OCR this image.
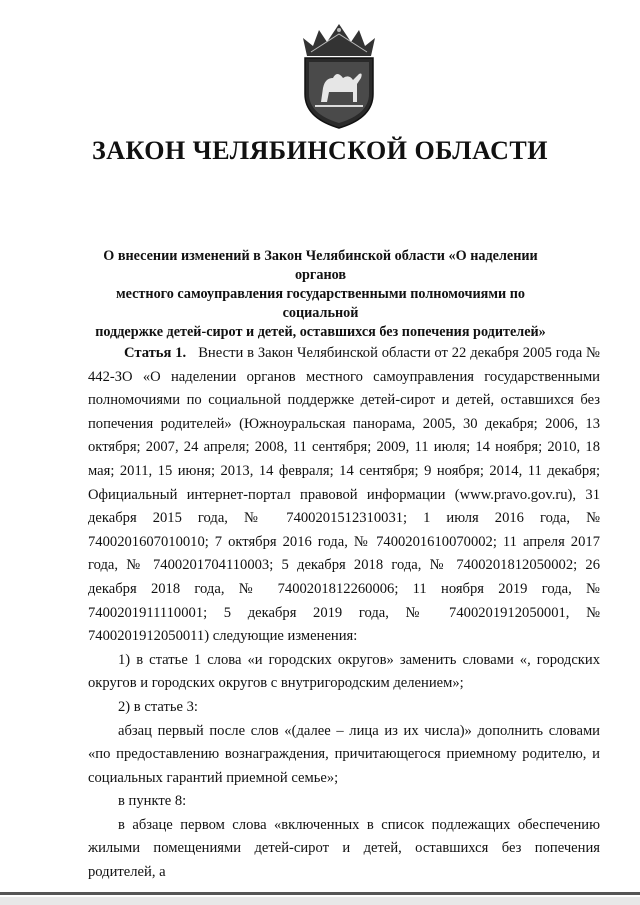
ЗАКОН ЧЕЛЯБИНСКОЙ ОБЛАСТИ
О внесении изменений в Закон Челябинской области «О наделении органов
местного самоуправления государственными полномочиями по социальной
поддержке детей-сирот и детей, оставшихся без попечения родителей»

Статья 1. Внести в Закон Челябинской области от 22 декабря 2005 года № 442-ЗО «О наделении органов местного самоуправления государственными полномочиями по социальной поддержке детей-сирот и детей, оставшихся без попечения родителей» (Южноуральская панорама, 2005, 30 декабря; 2006, 13 октября; 2007, 24 апреля; 2008, 11 сентября; 2009, 11 июля; 14 ноября; 2010, 18 мая; 2011, 15 июня; 2013, 14 февраля; 14 сентября; 9 ноября; 2014, 11 декабря; Официальный интернет-портал правовой информации (www.pravo.gov.ru), 31 декабря 2015 года, № 7400201512310031; 1 июля 2016 года, № 7400201607010010; 7 октября 2016 года, № 7400201610070002; 11 апреля 2017 года, № 7400201704110003; 5 декабря 2018 года, № 7400201812050002; 26 декабря 2018 года, № 7400201812260006; 11 ноября 2019 года, № 7400201911110001; 5 декабря 2019 года, № 7400201912050001, № 7400201912050011) следующие изменения:

1) в статье 1 слова «и городских округов» заменить словами «, городских округов и городских округов с внутригородским делением»;

2) в статье 3:

абзац первый после слов «(далее – лица из их числа)» дополнить словами «по предоставлению вознаграждения, причитающегося приемному родителю, и социальных гарантий приемной семье»;

в пункте 8:

в абзаце первом слова «включенных в список подлежащих обеспечению жилыми помещениями детей-сирот и детей, оставшихся без попечения родителей, а
